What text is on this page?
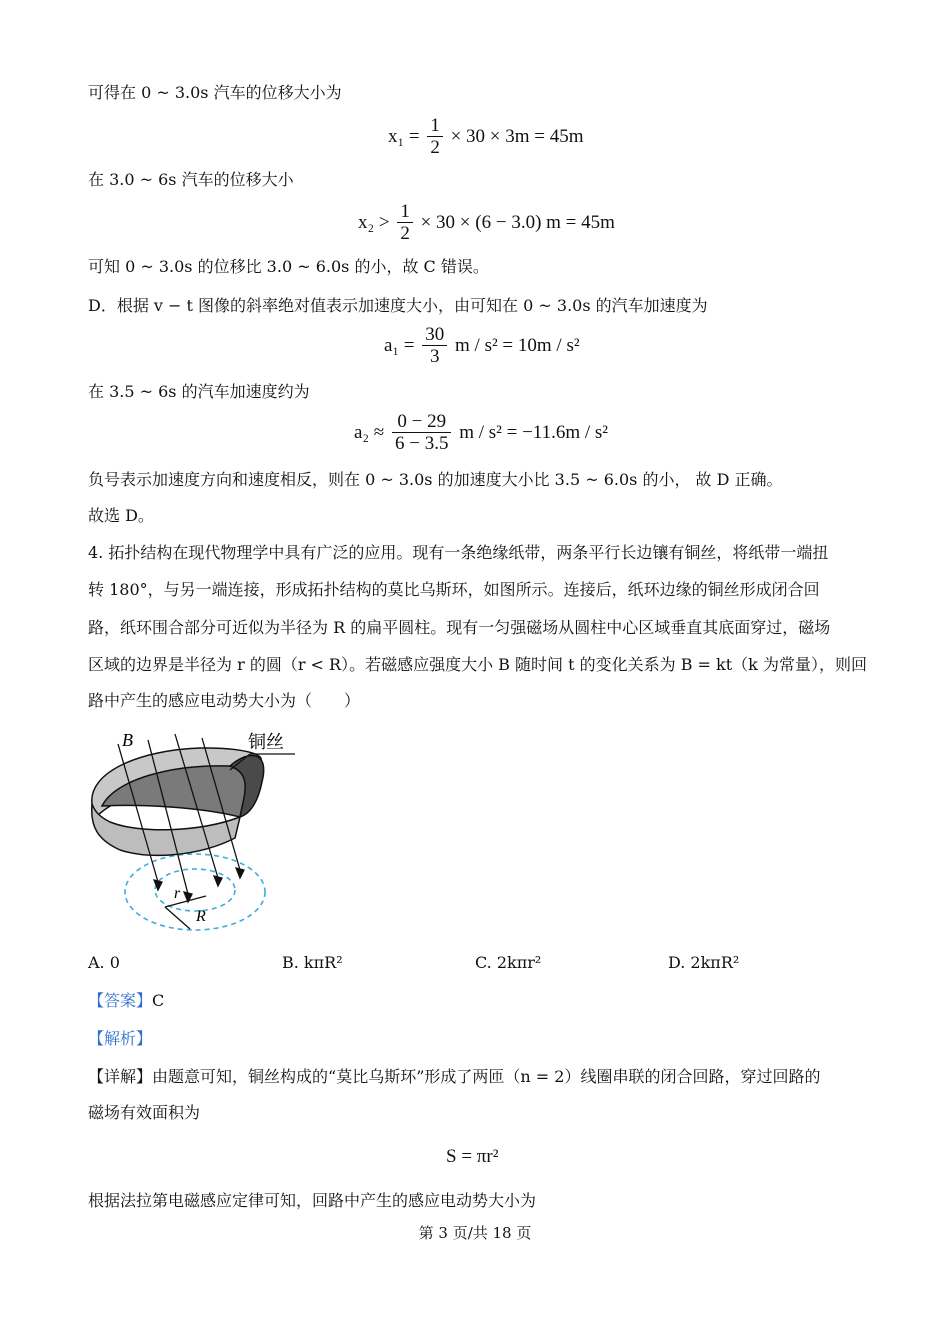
可得在 0 ~ 3.0s 汽车的位移大小为
$x_1 = \frac{1}{2} \times 30 \times 3m = 45m$
在 3.0 ~ 6s 汽车的位移大小
$x_2 > \frac{1}{2} \times 30 \times (6 - 3.0) m = 45m$
可知 0 ~ 3.0s 的位移比 3.0 ~ 6.0s 的小，故 C 错误。
D．根据 v − t 图像的斜率绝对值表示加速度大小，由可知在 0 ~ 3.0s 的汽车加速度为
$a_1 = \frac{30}{3}$ m / s² = 10m / s²
在 3.5 ~ 6s 的汽车加速度约为
$a_2 \approx \frac{0 - 29}{6 - 3.5}$ m / s² = −11.6m / s²
负号表示加速度方向和速度相反，则在 0 ~ 3.0s 的加速度大小比 3.5 ~ 6.0s 的小， 故 D 正确。
故选 D。
4. 拓扑结构在现代物理学中具有广泛的应用。现有一条绝缘纸带，两条平行长边镶有铜丝，将纸带一端扭
转 180°，与另一端连接，形成拓扑结构的莫比乌斯环，如图所示。连接后，纸环边缘的铜丝形成闭合回
路，纸环围合部分可近似为半径为 R 的扁平圆柱。现有一匀强磁场从圆柱中心区域垂直其底面穿过，磁场
区域的边界是半径为 r 的圆（r < R）。若磁感应强度大小 B 随时间 t 的变化关系为 B = kt（k 为常量），则回
路中产生的感应电动势大小为（　　）
铜丝
B
r
R
A. 0	B. kπR²	C. 2kπr²	D. 2kπR²
【答案】C
【解析】
【详解】由题意可知，铜丝构成的“莫比乌斯环”形成了两匝（n = 2）线圈串联的闭合回路，穿过回路的
磁场有效面积为
S = πr²
根据法拉第电磁感应定律可知，回路中产生的感应电动势大小为
第 3 页/共 18 页
